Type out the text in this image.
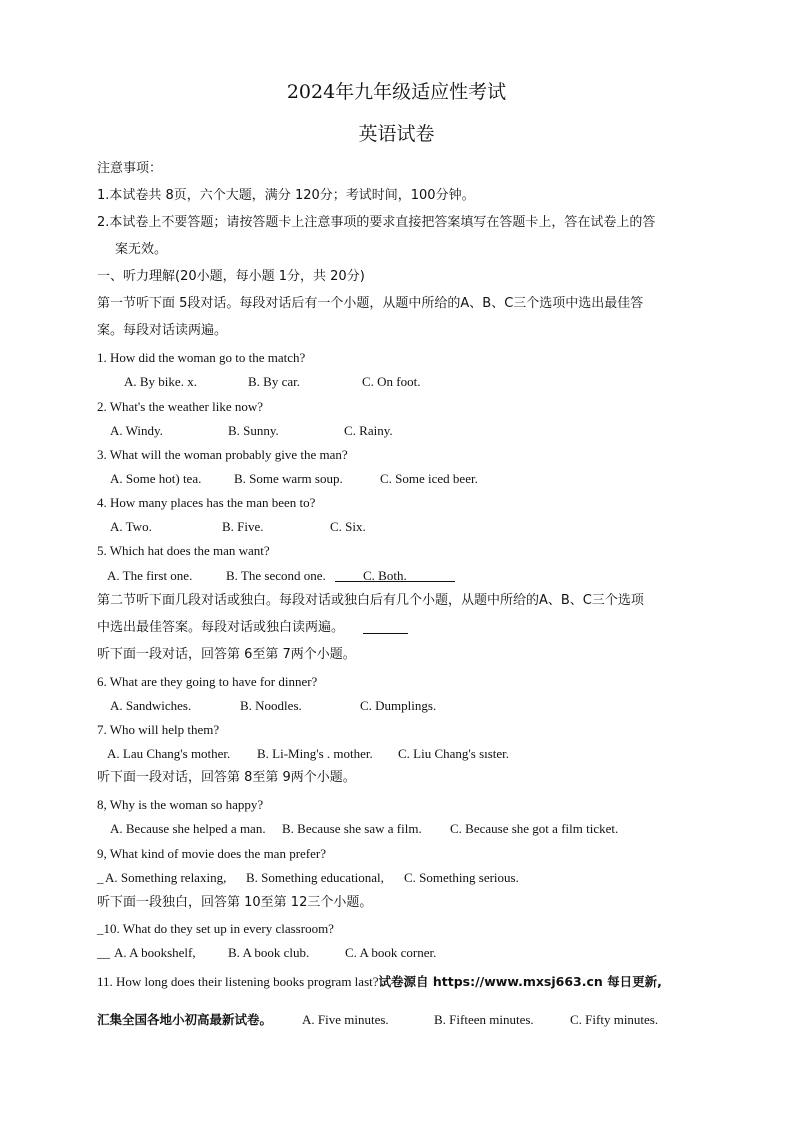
2024年九年级适应性考试
英语试卷
注意事项：
1.本试卷共 8页，六个大题，满分 120分；考试时间，100分钟。
2.本试卷上不要答题；请按答题卡上注意事项的要求直接把答案填写在答题卡上，答在试卷上的答
案无效。
一、听力理解(20小题，每小题 1分，共 20分)
第一节听下面 5段对话。每段对话后有一个小题，从题中所给的A、B、C三个选项中选出最佳答
案。每段对话读两遍。
1. How did the woman go to the match?
A. By bike. x.	B. By car.	C. On foot.
2. What's the weather like now?
A. Windy.	B. Sunny.	C. Rainy.
3. What will the woman probably give the man?
A. Some hot) tea.	B. Some warm soup.	C. Some iced beer.
4. How many places has the man been to?
A. Two.	B. Five.	C. Six.
5. Which hat does the man want?
A. The first one.	B. The second one.	C. Both.
第二节听下面几段对话或独白。每段对话或独白后有几个小题，从题中所给的A、B、C三个选项
中选出最佳答案。每段对话或独白读两遍。
听下面一段对话，回答第 6至第 7两个小题。
6. What are they going to have for dinner?
A. Sandwiches.	B. Noodles.	C. Dumplings.
7. Who will help them?
A. Lau Chang's mother. B. Li-Ming's . mother. C. Liu Chang's sıster.
听下面一段对话，回答第 8至第 9两个小题。
8, Why is the woman so happy?
A. Because she helped a man. B. Because she saw a film. C. Because she got a film ticket.
9, What kind of movie does the man prefer?
_ A. Something relaxing, B. Something educational, C. Something serious.
听下面一段独白，回答第 10至第 12三个小题。
_10. What do they set up in every classroom?
__ A. A bookshelf, B. A book club.	C. A book corner.
11. How long does their listening books program last?试卷源自 https://www.mxsj663.cn 每日更新,
汇集全国各地小初高最新试卷。 A. Five minutes.	B. Fifteen minutes.	C. Fifty minutes.
